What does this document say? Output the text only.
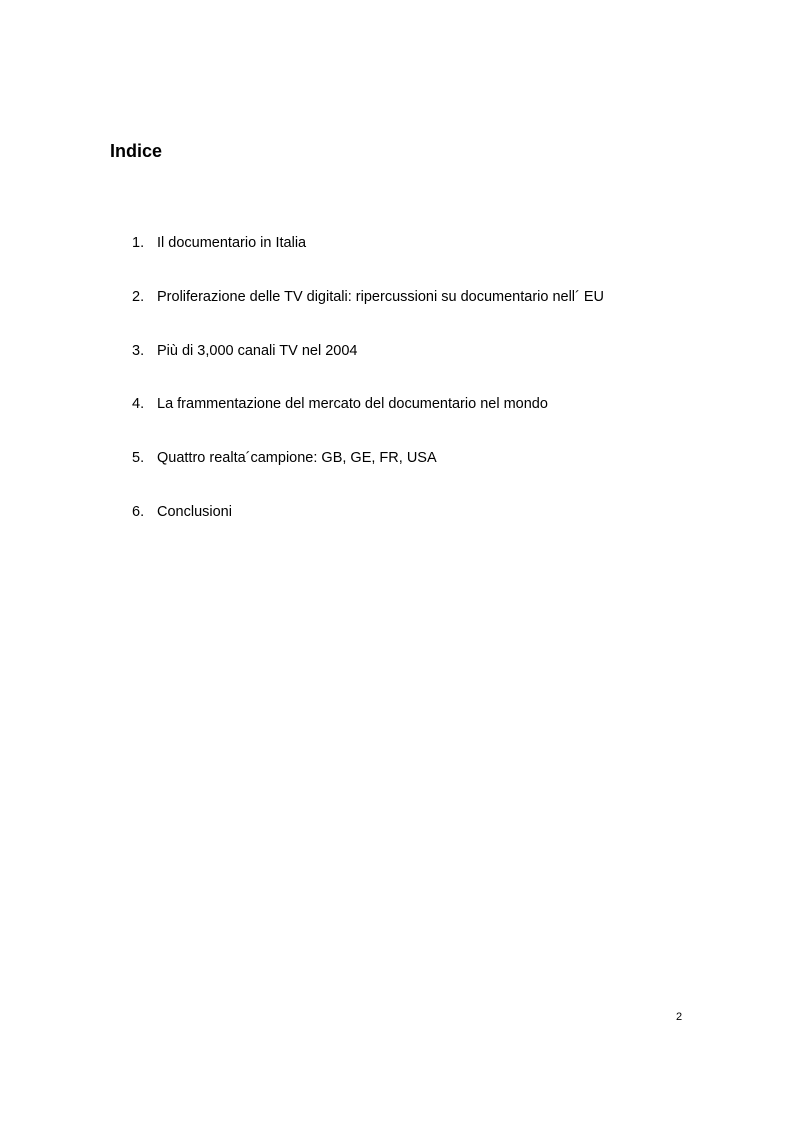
Indice
1. Il documentario in Italia
2. Proliferazione delle TV digitali: ripercussioni su documentario nell´ EU
3. Più di 3,000 canali TV nel 2004
4. La frammentazione del mercato del documentario nel mondo
5. Quattro realta´campione: GB, GE, FR, USA
6. Conclusioni
2
